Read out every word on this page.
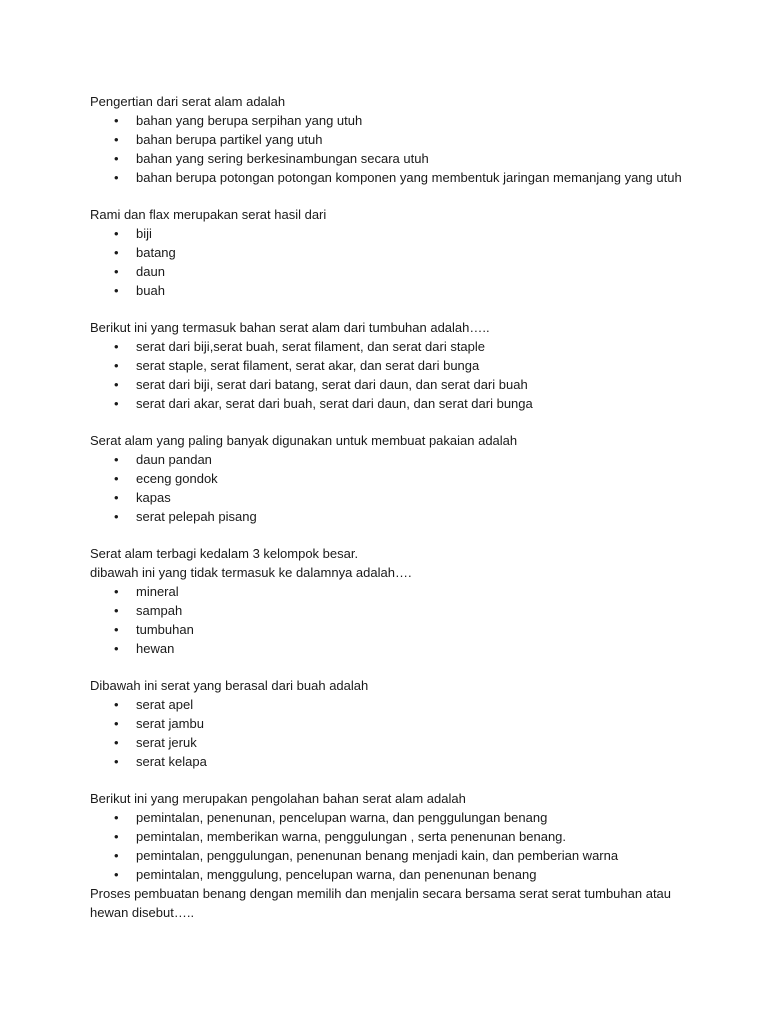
Pengertian dari serat alam adalah

• bahan yang berupa serpihan yang utuh
• bahan berupa partikel yang utuh
• bahan yang sering berkesinambungan secara utuh
• bahan berupa potongan potongan komponen yang membentuk jaringan memanjang yang utuh

Rami dan flax merupakan serat hasil dari

• biji
• batang
• daun
• buah

Berikut ini yang termasuk bahan serat alam dari tumbuhan adalah…..

• serat dari biji,serat buah, serat filament, dan serat dari staple
• serat staple, serat filament, serat akar, dan serat dari bunga
• serat dari biji, serat dari batang, serat dari daun, dan serat dari buah
• serat dari akar, serat dari buah, serat dari daun, dan serat dari bunga

Serat alam yang paling banyak digunakan untuk membuat pakaian adalah

• daun pandan
• eceng gondok
• kapas
• serat pelepah pisang

Serat alam terbagi kedalam 3 kelompok besar.

dibawah ini yang tidak termasuk ke dalamnya adalah….

• mineral
• sampah
• tumbuhan
• hewan

Dibawah ini serat yang berasal dari buah adalah

• serat apel
• serat jambu
• serat jeruk
• serat kelapa

Berikut ini yang merupakan pengolahan bahan serat alam adalah

• pemintalan, penenunan, pencelupan warna, dan penggulungan benang
• pemintalan, memberikan warna, penggulungan , serta penenunan benang.
• pemintalan, penggulungan, penenunan benang menjadi kain, dan pemberian warna
• pemintalan, menggulung, pencelupan warna, dan penenunan benang

Proses pembuatan benang dengan memilih dan menjalin secara bersama serat serat tumbuhan atau

hewan disebut…..
